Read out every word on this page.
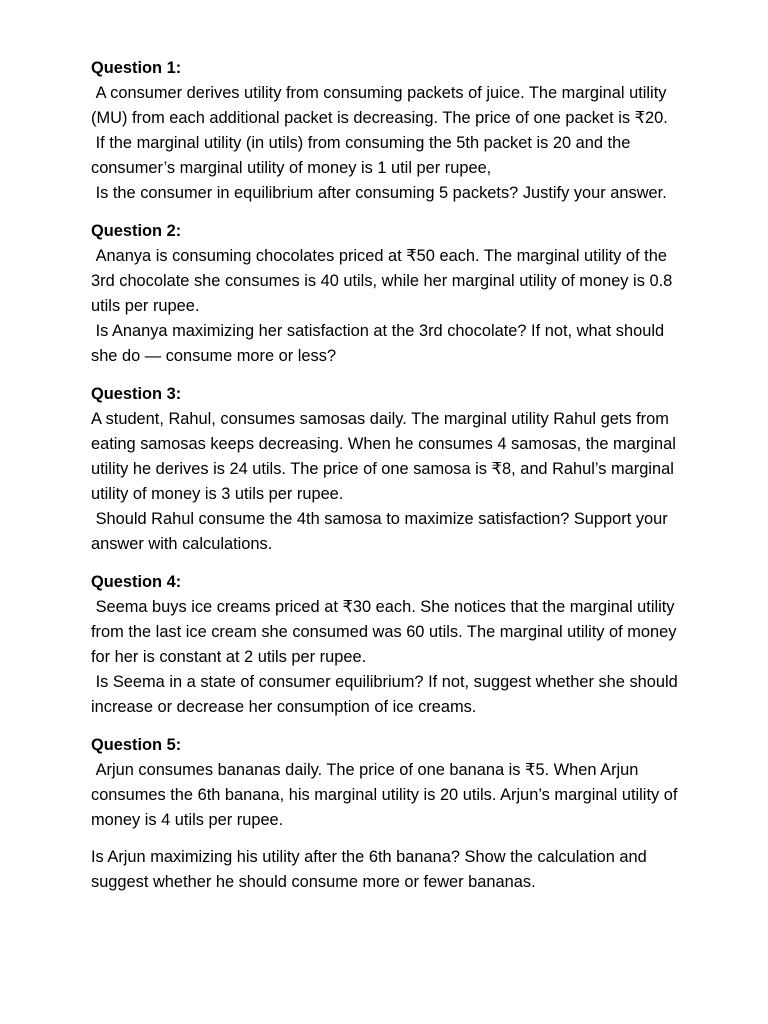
Question 1:

A consumer derives utility from consuming packets of juice. The marginal utility (MU) from each additional packet is decreasing. The price of one packet is ₹20.

If the marginal utility (in utils) from consuming the 5th packet is 20 and the consumer’s marginal utility of money is 1 util per rupee,

Is the consumer in equilibrium after consuming 5 packets? Justify your answer.

Question 2:

Ananya is consuming chocolates priced at ₹50 each. The marginal utility of the 3rd chocolate she consumes is 40 utils, while her marginal utility of money is 0.8 utils per rupee.

Is Ananya maximizing her satisfaction at the 3rd chocolate? If not, what should she do — consume more or less?

Question 3:

A student, Rahul, consumes samosas daily. The marginal utility Rahul gets from eating samosas keeps decreasing. When he consumes 4 samosas, the marginal utility he derives is 24 utils. The price of one samosa is ₹8, and Rahul’s marginal utility of money is 3 utils per rupee.

Should Rahul consume the 4th samosa to maximize satisfaction? Support your answer with calculations.

Question 4:

Seema buys ice creams priced at ₹30 each. She notices that the marginal utility from the last ice cream she consumed was 60 utils. The marginal utility of money for her is constant at 2 utils per rupee.

Is Seema in a state of consumer equilibrium? If not, suggest whether she should increase or decrease her consumption of ice creams.

Question 5:

Arjun consumes bananas daily. The price of one banana is ₹5. When Arjun consumes the 6th banana, his marginal utility is 20 utils. Arjun’s marginal utility of money is 4 utils per rupee.

Is Arjun maximizing his utility after the 6th banana? Show the calculation and suggest whether he should consume more or fewer bananas.
